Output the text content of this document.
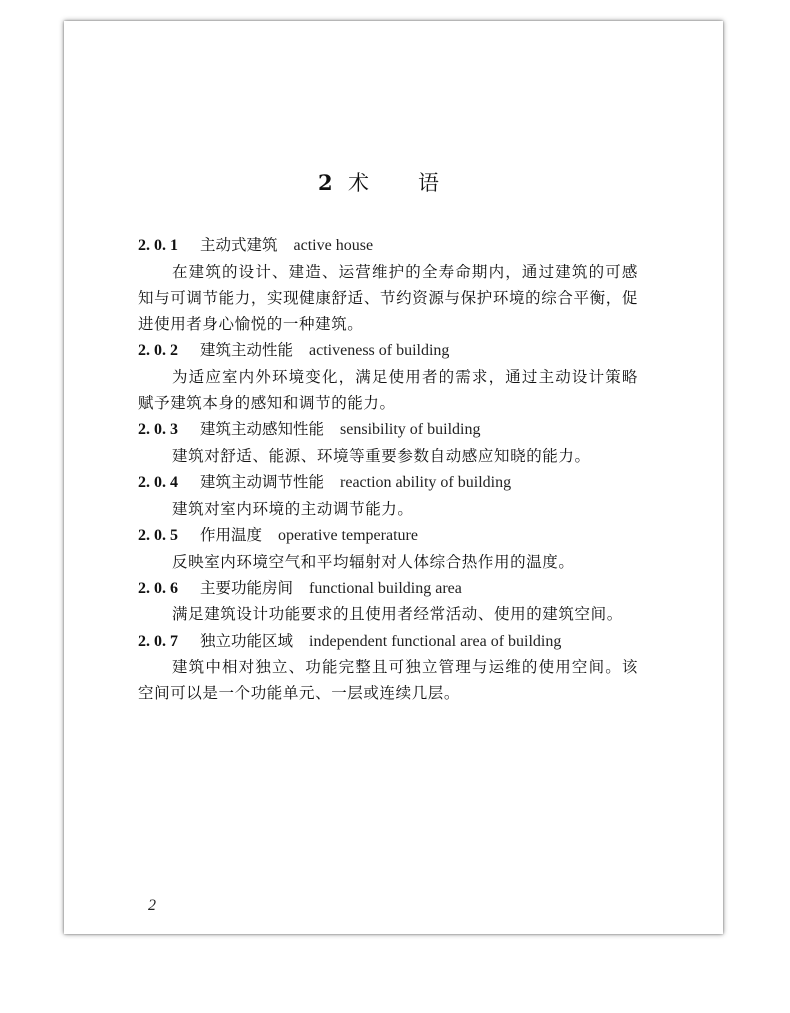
2 术 语
2. 0. 1 主动式建筑 active house

在建筑的设计、建造、运营维护的全寿命期内，通过建筑的可感知与可调节能力，实现健康舒适、节约资源与保护环境的综合平衡，促进使用者身心愉悦的一种建筑。

2. 0. 2 建筑主动性能 activeness of building

为适应室内外环境变化，满足使用者的需求，通过主动设计策略赋予建筑本身的感知和调节的能力。

2. 0. 3 建筑主动感知性能 sensibility of building

建筑对舒适、能源、环境等重要参数自动感应知晓的能力。

2. 0. 4 建筑主动调节性能 reaction ability of building

建筑对室内环境的主动调节能力。

2. 0. 5 作用温度 operative temperature

反映室内环境空气和平均辐射对人体综合热作用的温度。

2. 0. 6 主要功能房间 functional building area

满足建筑设计功能要求的且使用者经常活动、使用的建筑空间。

2. 0. 7 独立功能区域 independent functional area of building

建筑中相对独立、功能完整且可独立管理与运维的使用空间。该空间可以是一个功能单元、一层或连续几层。

2
